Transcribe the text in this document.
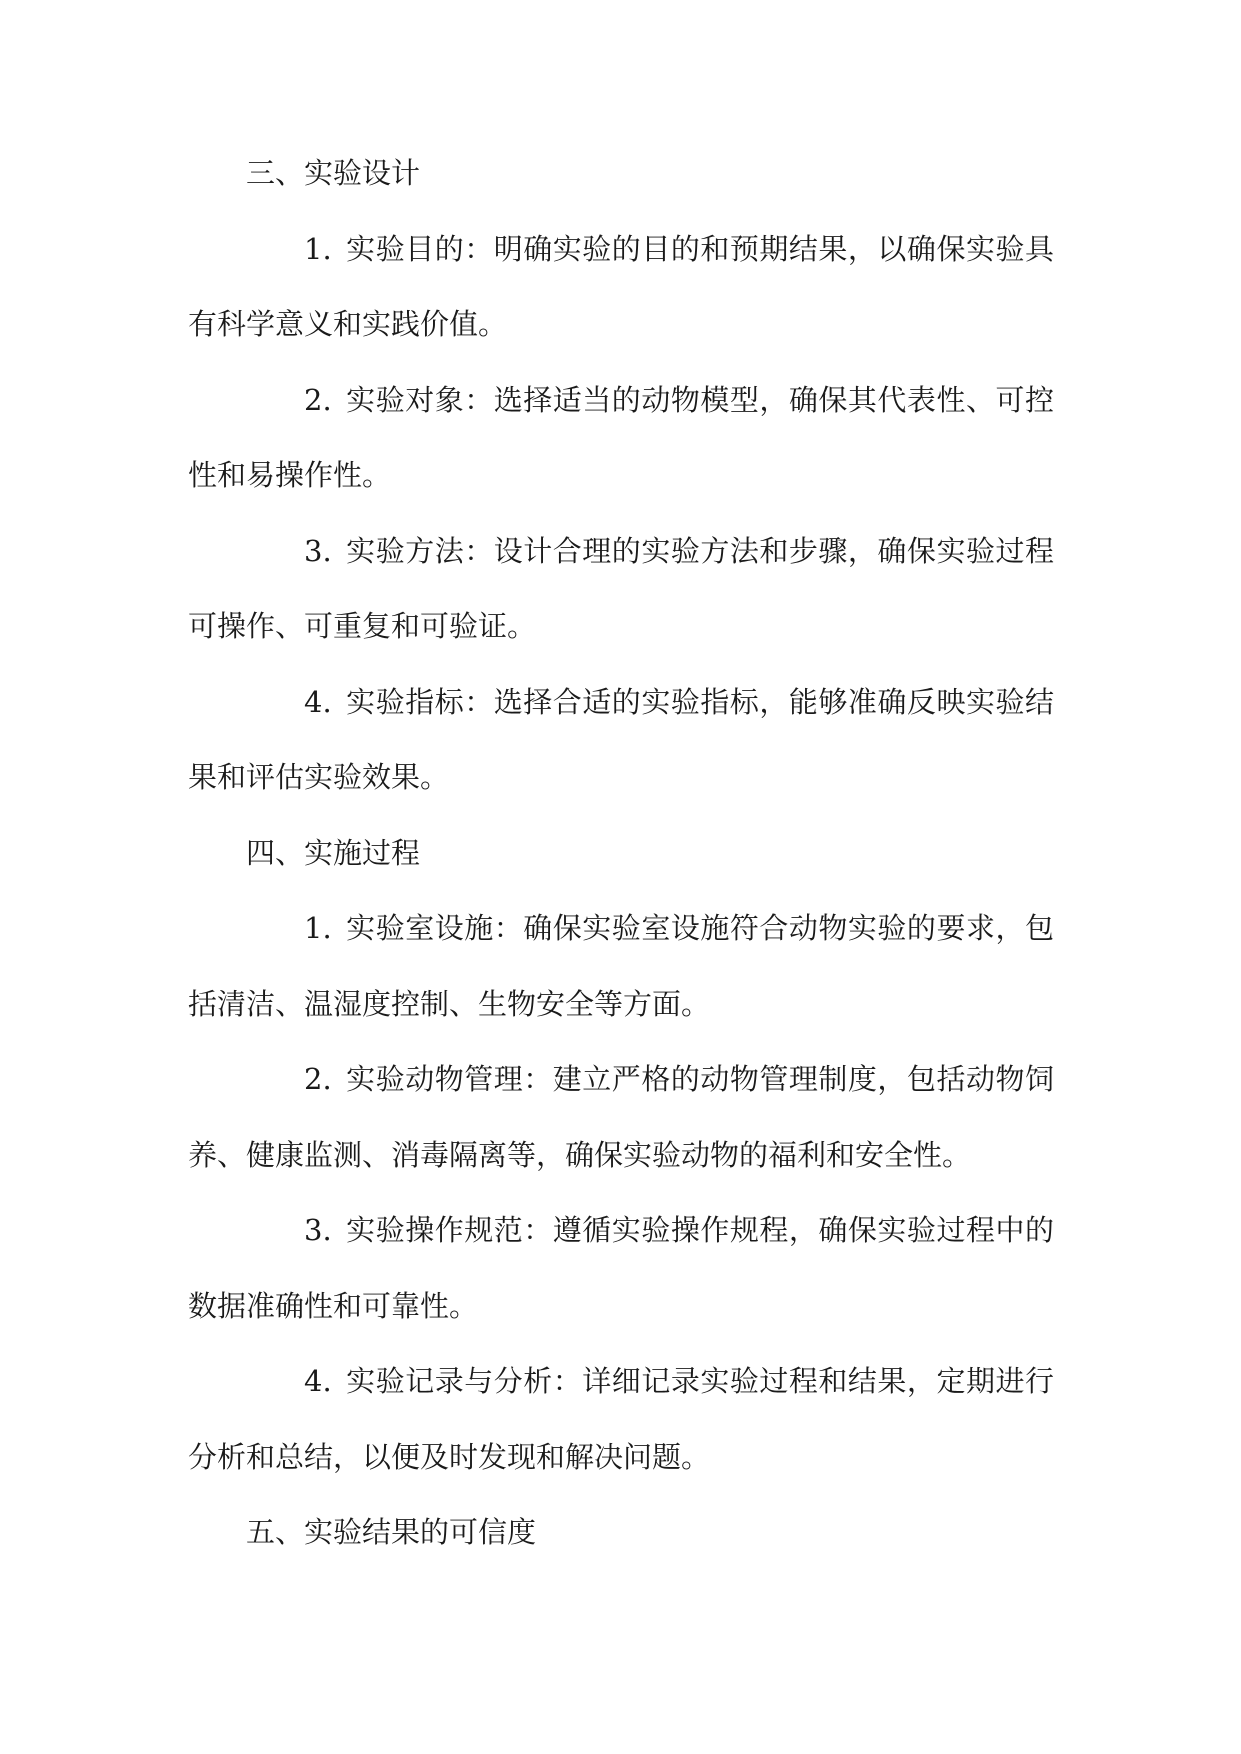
三、实验设计

1. 实验目的：明确实验的目的和预期结果，以确保实验具有科学意义和实践价值。

2. 实验对象：选择适当的动物模型，确保其代表性、可控性和易操作性。

3. 实验方法：设计合理的实验方法和步骤，确保实验过程可操作、可重复和可验证。

4. 实验指标：选择合适的实验指标，能够准确反映实验结果和评估实验效果。

四、实施过程

1. 实验室设施：确保实验室设施符合动物实验的要求，包括清洁、温湿度控制、生物安全等方面。

2. 实验动物管理：建立严格的动物管理制度，包括动物饲养、健康监测、消毒隔离等，确保实验动物的福利和安全性。

3. 实验操作规范：遵循实验操作规程，确保实验过程中的数据准确性和可靠性。

4. 实验记录与分析：详细记录实验过程和结果，定期进行分析和总结，以便及时发现和解决问题。

五、实验结果的可信度
